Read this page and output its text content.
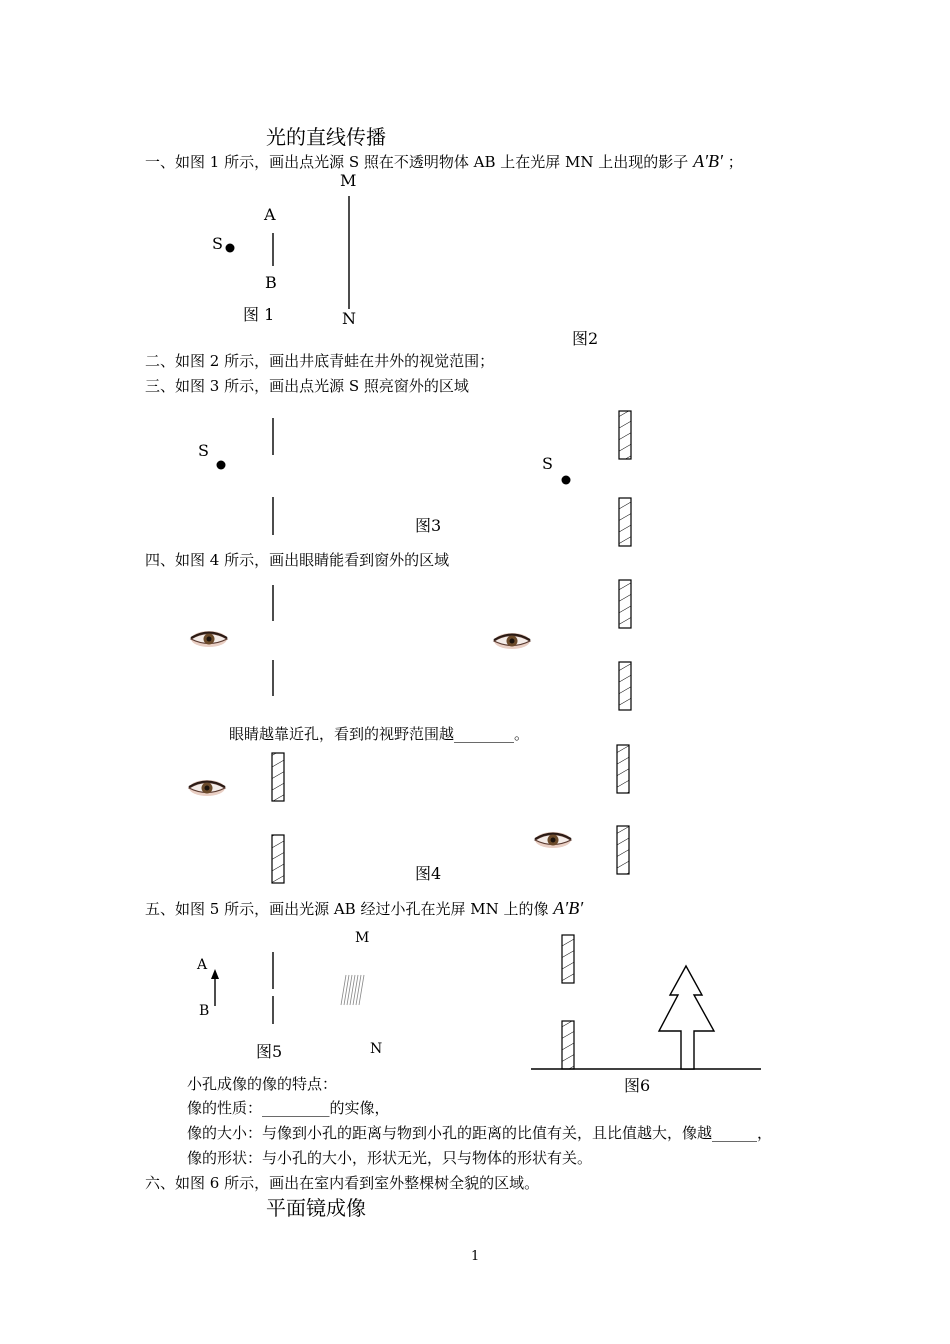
光的直线传播
一、如图 1 所示，画出点光源 S 照在不透明物体 AB 上在光屏 MN 上出现的影子 A′B′ ；
二、如图 2 所示，画出井底青蛙在井外的视觉范围；
三、如图 3 所示，画出点光源 S 照亮窗外的区域
四、如图 4 所示，画出眼睛能看到窗外的区域
眼睛越靠近孔，看到的视野范围越________。
五、如图 5 所示，画出光源 AB 经过小孔在光屏 MN 上的像 A′B′
小孔成像的像的特点：
像的性质：_________的实像，
像的大小：与像到小孔的距离与物到小孔的距离的比值有关，且比值越大，像越______，
像的形状：与小孔的大小，形状无光，只与物体的形状有关。
六、如图 6 所示，画出在室内看到室外整棵树全貌的区域。
平面镜成像
图 1
图2
图3
图4
图5
图6
M
A
S
B
N
S
S
M
A
B
N
1
